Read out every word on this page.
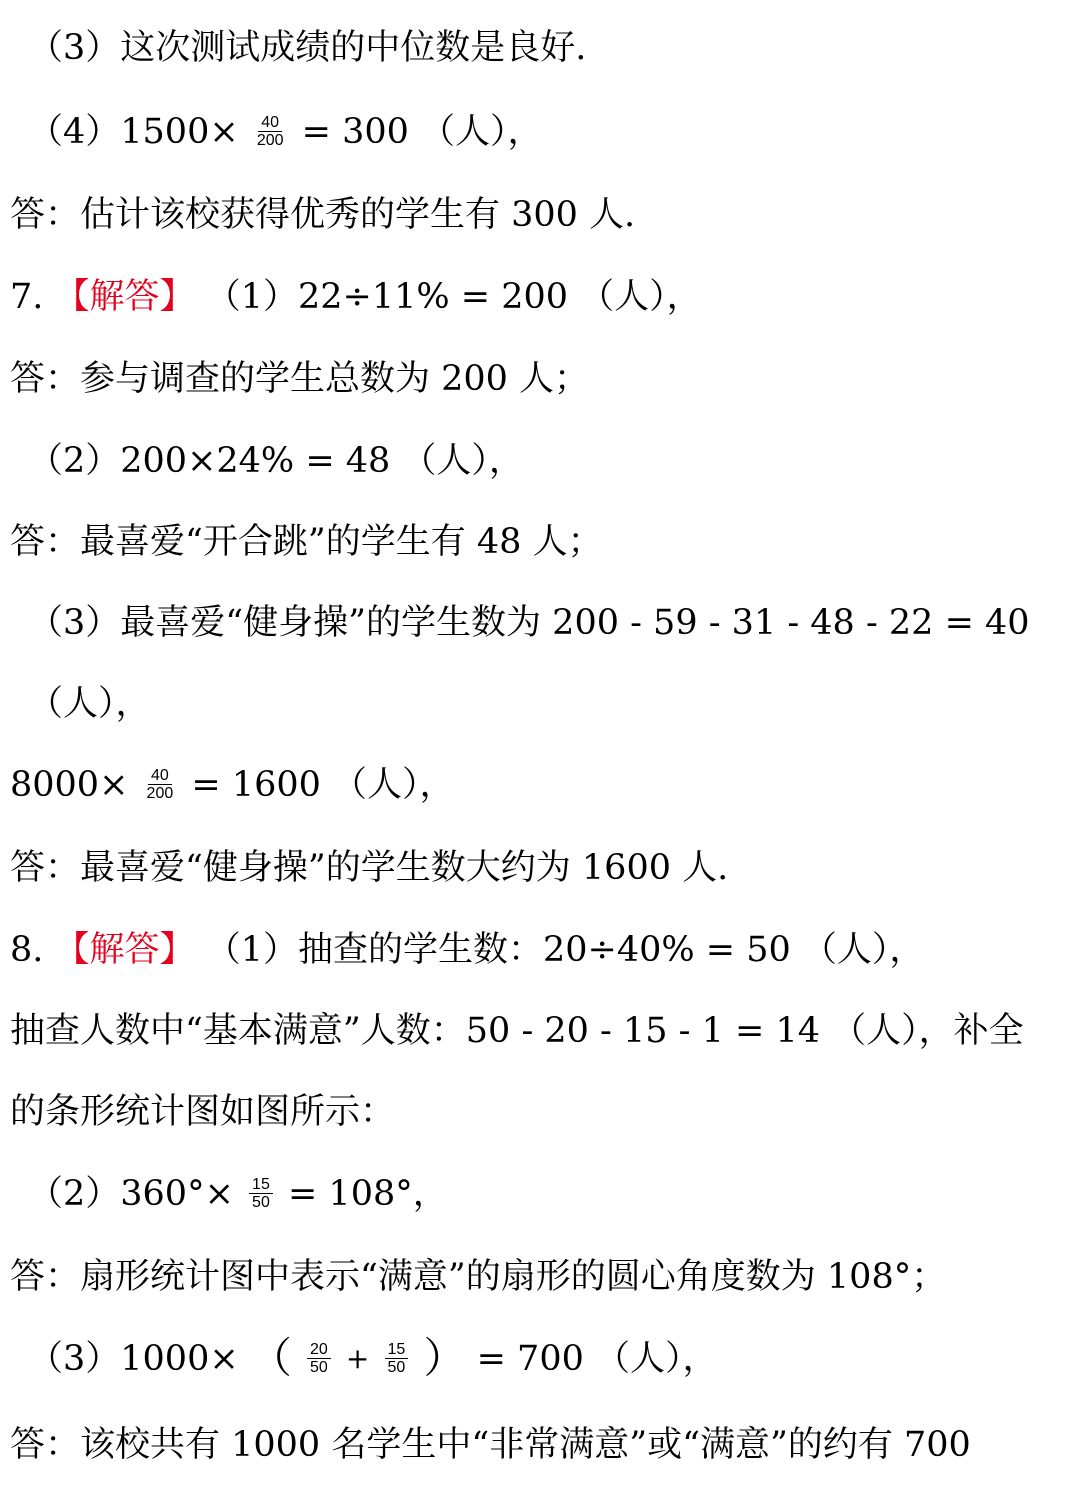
（3）这次测试成绩的中位数是良好.
$(4)1500\times \frac{40}{200} = 300$ （人），
答：估计该校获得优秀的学生有 300 人.
7. 【解答】 （1）22÷11% = 200 （人），
答：参与调查的学生总数为 200 人；
（2）200×24% = 48 （人），
答：最喜爱“开合跳”的学生有 48 人；
（3）最喜爱“健身操”的学生数为 200 - 59 - 31 - 48 - 22 = 40
（人），
$8000\times \frac{40}{200} = 1600$ （人），
答：最喜爱“健身操”的学生数大约为 1600 人.
8. 【解答】 （1）抽查的学生数：20÷40% = 50 （人），
抽查人数中“基本满意”人数：50 - 20 - 15 - 1 = 14 （人），补全
的条形统计图如图所示：
$(2)360^\circ\times \frac{15}{50} = 108^\circ$，
答：扇形统计图中表示“满意”的扇形的圆心角度数为 108°；
（3）1000× （ $\frac{20}{50} + \frac{15}{50}$ ） = 700 （人），
答：该校共有 1000 名学生中“非常满意”或“满意”的约有 700
